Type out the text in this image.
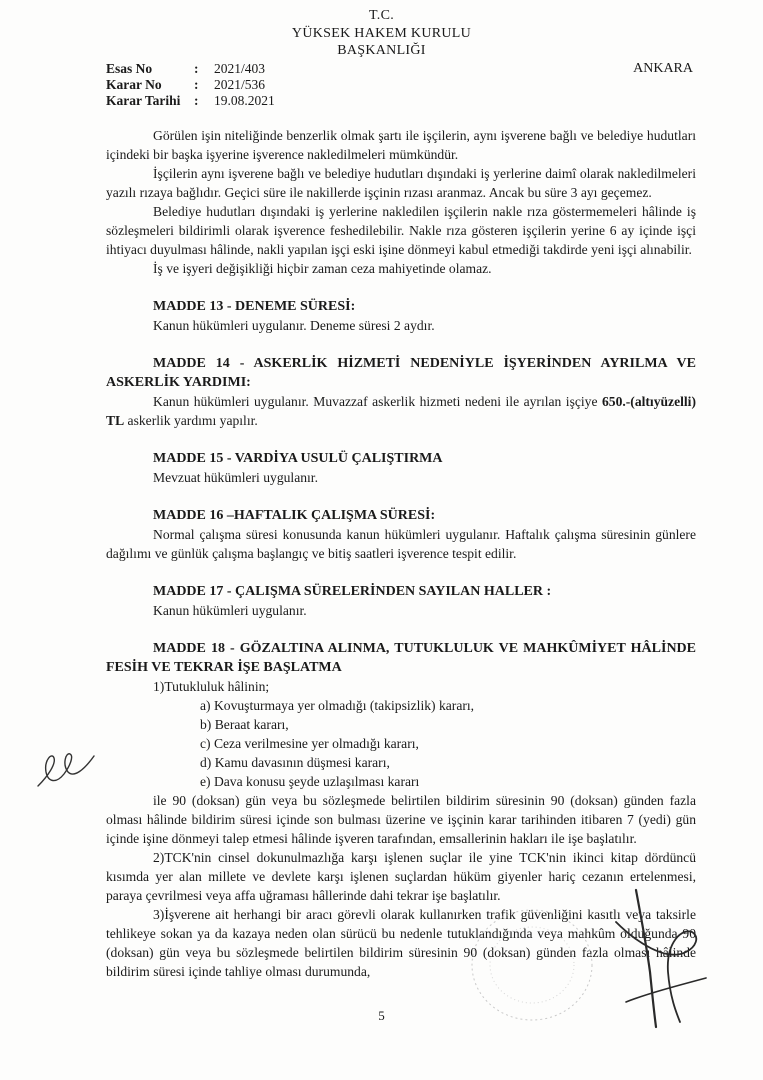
T.C.
YÜKSEK HAKEM KURULU
BAŞKANLIĞI
ANKARA
Esas No	:	2021/403
Karar No	:	2021/536
Karar Tarihi	:	19.08.2021

Görülen işin niteliğinde benzerlik olmak şartı ile işçilerin, aynı işverene bağlı ve belediye hudutları içindeki bir başka işyerine işverence nakledilmeleri mümkündür.

İşçilerin aynı işverene bağlı ve belediye hudutları dışındaki iş yerlerine daimî olarak nakledilmeleri yazılı rızaya bağlıdır. Geçici süre ile nakillerde işçinin rızası aranmaz. Ancak bu süre 3 ayı geçemez.

Belediye hudutları dışındaki iş yerlerine nakledilen işçilerin nakle rıza göstermemeleri hâlinde iş sözleşmeleri bildirimli olarak işverence feshedilebilir. Nakle rıza gösteren işçilerin yerine 6 ay içinde işçi ihtiyacı duyulması hâlinde, nakli yapılan işçi eski işine dönmeyi kabul etmediği takdirde yeni işçi alınabilir.

İş ve işyeri değişikliği hiçbir zaman ceza mahiyetinde olamaz.

MADDE 13 - DENEME SÜRESİ:

Kanun hükümleri uygulanır. Deneme süresi 2 aydır.

MADDE 14 - ASKERLİK HİZMETİ NEDENİYLE İŞYERİNDEN AYRILMA VE ASKERLİK YARDIMI:

Kanun hükümleri uygulanır. Muvazzaf askerlik hizmeti nedeni ile ayrılan işçiye 650.-(altıyüzelli) TL askerlik yardımı yapılır.

MADDE 15 - VARDİYA USULÜ ÇALIŞTIRMA

Mevzuat hükümleri uygulanır.

MADDE 16 –HAFTALIK ÇALIŞMA SÜRESİ:

Normal çalışma süresi konusunda kanun hükümleri uygulanır. Haftalık çalışma süresinin günlere dağılımı ve günlük çalışma başlangıç ve bitiş saatleri işverence tespit edilir.

MADDE 17 - ÇALIŞMA SÜRELERİNDEN SAYILAN HALLER :

Kanun hükümleri uygulanır.

MADDE 18 - GÖZALTINA ALINMA, TUTUKLULUK VE MAHKÛMİYET HÂLİNDE FESİH VE TEKRAR İŞE BAŞLATMA

1)Tutukluluk hâlinin;

a) Kovuşturmaya yer olmadığı (takipsizlik) kararı,

b) Beraat kararı,

c) Ceza verilmesine yer olmadığı kararı,

d) Kamu davasının düşmesi kararı,

e) Dava konusu şeyde uzlaşılması kararı

ile 90 (doksan) gün veya bu sözleşmede belirtilen bildirim süresinin 90 (doksan) günden fazla olması hâlinde bildirim süresi içinde son bulması üzerine ve işçinin karar tarihinden itibaren 7 (yedi) gün içinde işine dönmeyi talep etmesi hâlinde işveren tarafından, emsallerinin hakları ile işe başlatılır.

2)TCK'nin cinsel dokunulmazlığa karşı işlenen suçlar ile yine TCK'nin ikinci kitap dördüncü kısımda yer alan millete ve devlete karşı işlenen suçlardan hüküm giyenler hariç cezanın ertelenmesi, paraya çevrilmesi veya affa uğraması hâllerinde dahi tekrar işe başlatılır.

3)İşverene ait herhangi bir aracı görevli olarak kullanırken trafik güvenliğini kasıtlı veya taksirle tehlikeye sokan ya da kazaya neden olan sürücü bu nedenle tutuklandığında veya mahkûm olduğunda 90 (doksan) gün veya bu sözleşmede belirtilen bildirim süresinin 90 (doksan) günden fazla olması hâlinde bildirim süresi içinde tahliye olması durumunda,

5
